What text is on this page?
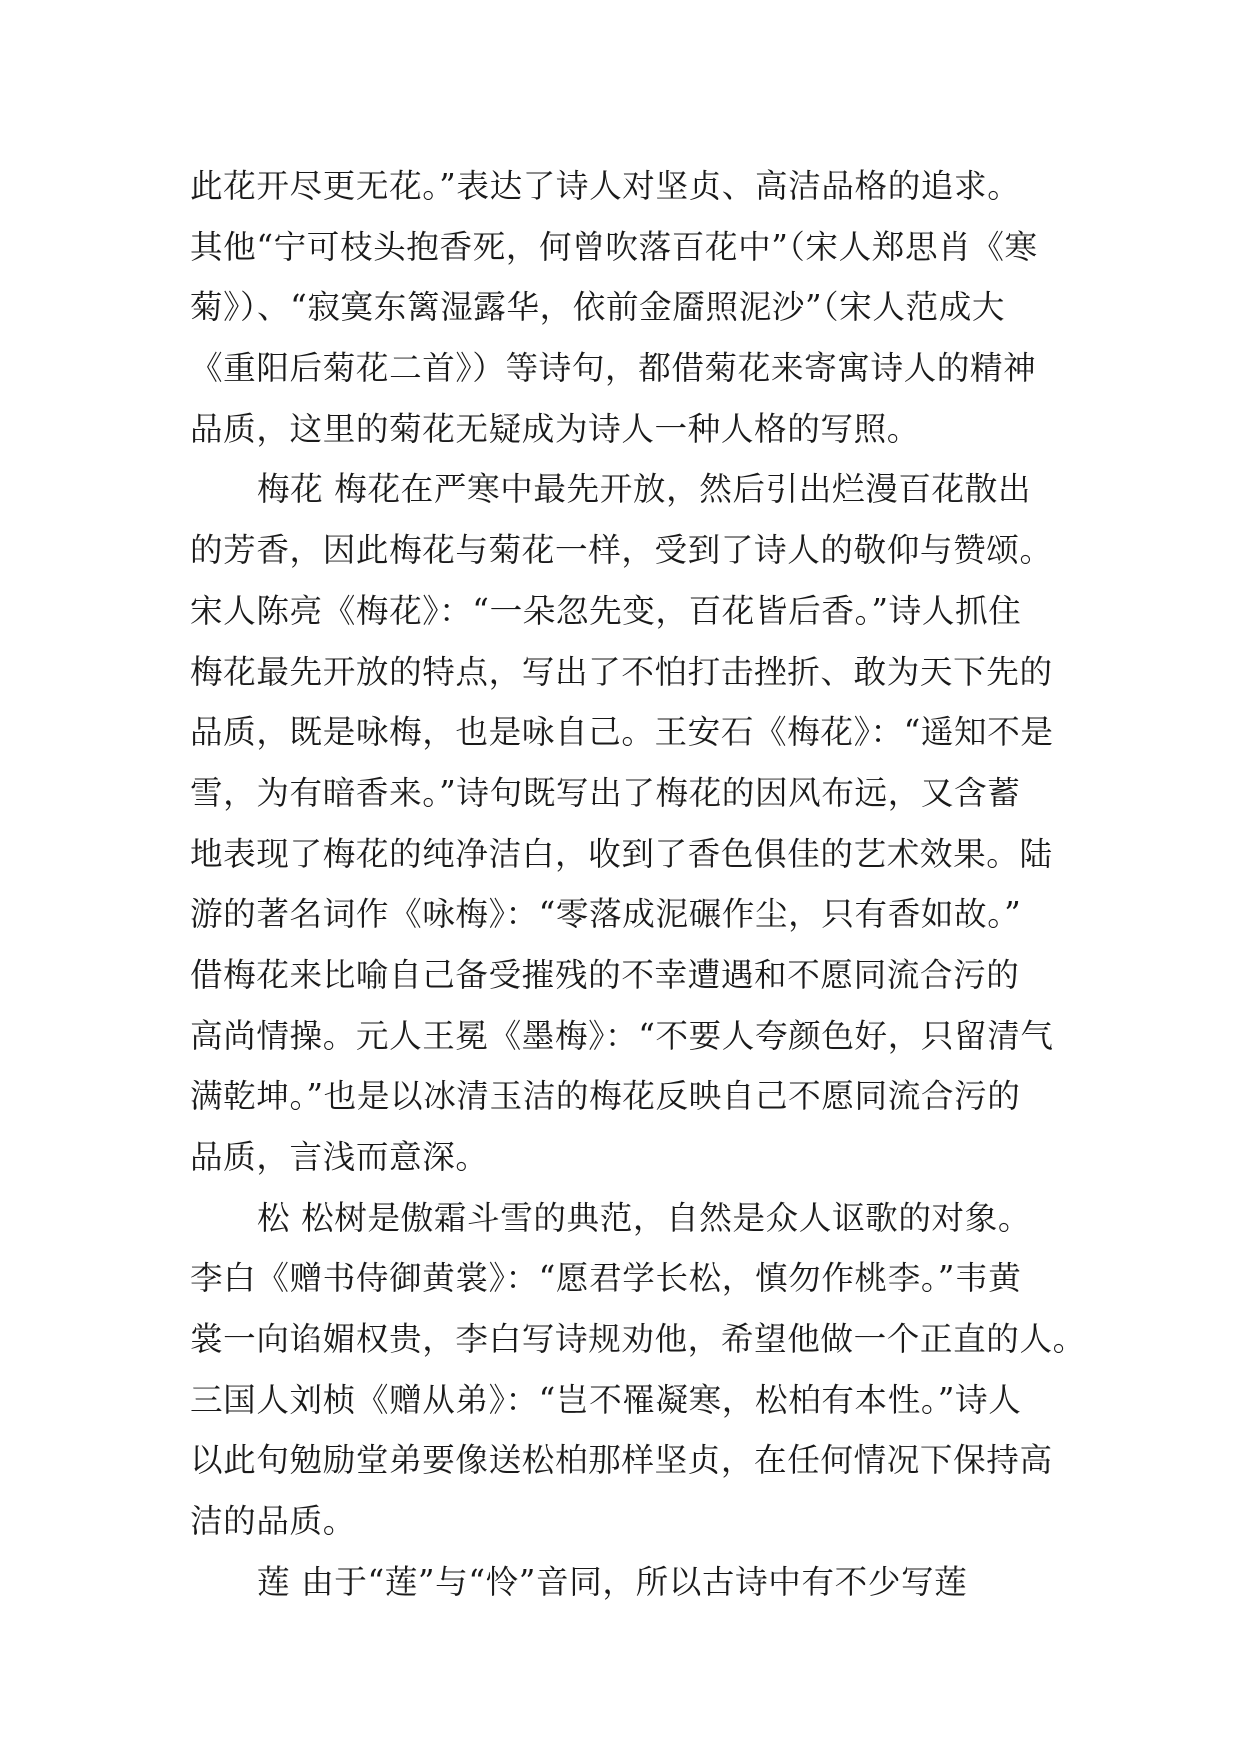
此花开尽更无花。”表达了诗人对坚贞、高洁品格的追求。
其他“宁可枝头抱香死，何曾吹落百花中”（宋人郑思肖《寒
菊》）、“寂寞东篱湿露华，依前金靥照泥沙”（宋人范成大
《重阳后菊花二首》）等诗句，都借菊花来寄寓诗人的精神
品质，这里的菊花无疑成为诗人一种人格的写照。
梅花 梅花在严寒中最先开放，然后引出烂漫百花散出
的芳香，因此梅花与菊花一样，受到了诗人的敬仰与赞颂。
宋人陈亮《梅花》：“一朵忽先变，百花皆后香。”诗人抓住
梅花最先开放的特点，写出了不怕打击挫折、敢为天下先的
品质，既是咏梅，也是咏自己。王安石《梅花》：“遥知不是
雪，为有暗香来。”诗句既写出了梅花的因风布远，又含蓄
地表现了梅花的纯净洁白，收到了香色俱佳的艺术效果。陆
游的著名词作《咏梅》：“零落成泥碾作尘，只有香如故。”
借梅花来比喻自己备受摧残的不幸遭遇和不愿同流合污的
高尚情操。元人王冕《墨梅》：“不要人夸颜色好，只留清气
满乾坤。”也是以冰清玉洁的梅花反映自己不愿同流合污的
品质，言浅而意深。
松 松树是傲霜斗雪的典范，自然是众人讴歌的对象。
李白《赠书侍御黄裳》：“愿君学长松，慎勿作桃李。”韦黄
裳一向谄媚权贵，李白写诗规劝他，希望他做一个正直的人。
三国人刘桢《赠从弟》：“岂不罹凝寒，松柏有本性。”诗人
以此句勉励堂弟要像送松柏那样坚贞，在任何情况下保持高
洁的品质。
莲 由于“莲”与“怜”音同，所以古诗中有不少写莲
